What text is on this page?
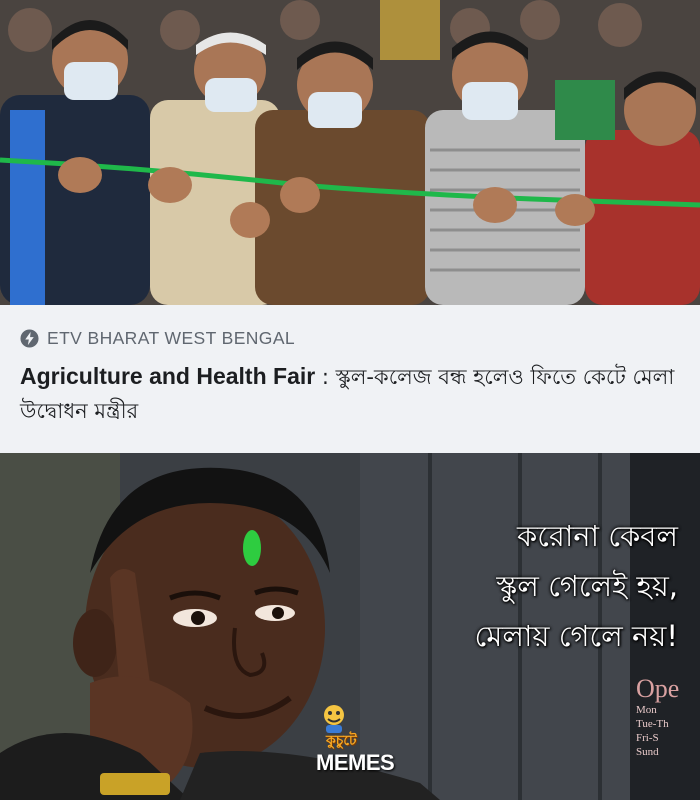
ETV BHARAT WEST BENGAL
Agriculture and Health Fair : স্কুল-কলেজ বন্ধ হলেও ফিতে কেটে মেলা উদ্বোধন মন্ত্রীর
করোনা কেবল
স্কুল গেলেই হয়,
মেলায় গেলে নয়!
কুচুটে
MEMES
Ope
Mon
Tue-Th
Fri-S
Sund
